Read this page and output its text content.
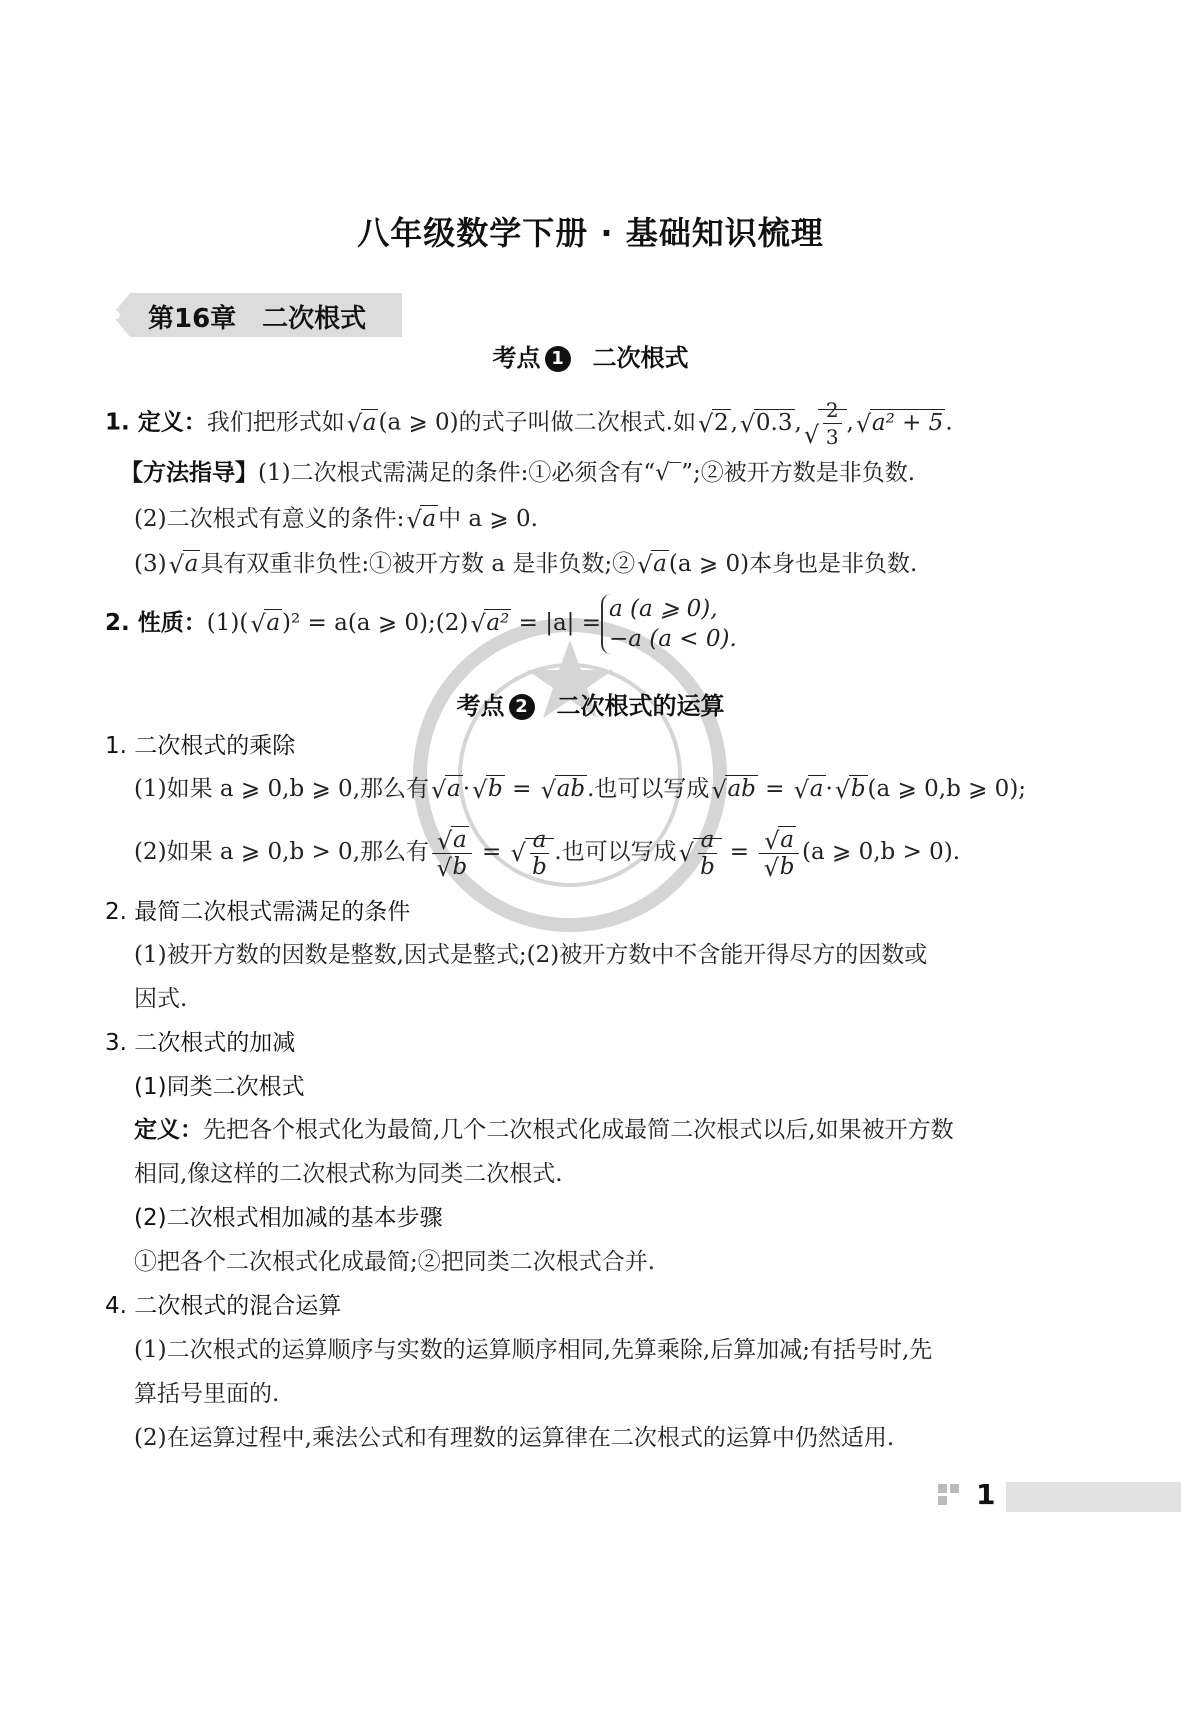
八年级数学下册 · 基础知识梳理
第16章　二次根式
考点 1 二次根式
1. 定义：我们把形式如 √ a(a ⩾ 0)的式子叫做二次根式.如 √ 2, √ 0.3, √ $\frac{2}{3}$ , √ a² + 5.
【方法指导】(1)二次根式需满足的条件:①必须含有“√‾”;②被开方数是非负数.
(2)二次根式有意义的条件: √ a中 a ⩾ 0.
(3) √ a具有双重非负性:①被开方数 a 是非负数;② √ a(a ⩾ 0)本身也是非负数.
2. 性质：(1)( √ a)² = a(a ⩾ 0);(2) √ a² = |a| =
a (a ⩾ 0),
−a (a < 0).
考点 2 二次根式的运算
1. 二次根式的乘除
(1)如果 a ⩾ 0,b ⩾ 0,那么有 √ a· √ b = √ ab.也可以写成 √ ab = √ a· √ b(a ⩾ 0,b ⩾ 0);
(2)如果 a ⩾ 0,b > 0,那么有 √ a
√ b = √ $\frac{a}{b}$ .也可以写成 √ $\frac{a}{b}$ = √ a
√ b (a ⩾ 0,b > 0).
2. 最简二次根式需满足的条件
(1)被开方数的因数是整数,因式是整式;(2)被开方数中不含能开得尽方的因数或
因式.
3. 二次根式的加减
(1)同类二次根式
定义：先把各个根式化为最简,几个二次根式化成最简二次根式以后,如果被开方数
相同,像这样的二次根式称为同类二次根式.
(2)二次根式相加减的基本步骤
①把各个二次根式化成最简;②把同类二次根式合并.
4. 二次根式的混合运算
(1)二次根式的运算顺序与实数的运算顺序相同,先算乘除,后算加减;有括号时,先
算括号里面的.
(2)在运算过程中,乘法公式和有理数的运算律在二次根式的运算中仍然适用.
1
